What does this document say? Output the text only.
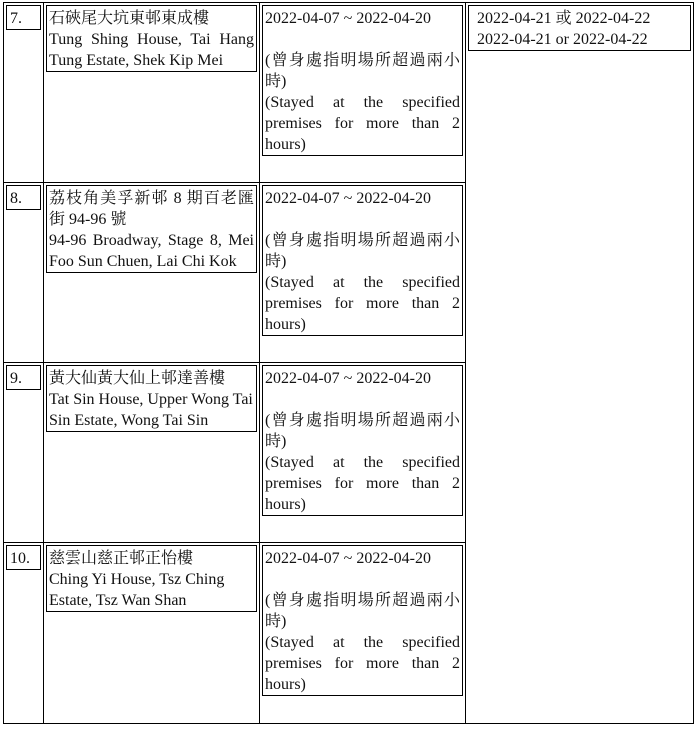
7.	石硤尾大坑東邨東成樓
Tung Shing House, Tai Hang Tung Estate, Shek Kip Mei	2022-04-07 ~ 2022-04-20
(曾身處指明場所超過兩小時)
(Stayed at the specified premises for more than 2 hours)	2022-04-21 或 2022-04-22
2022-04-21 or 2022-04-22

8.	荔枝角美孚新邨 8 期百老匯街 94-96 號
94-96 Broadway, Stage 8, Mei Foo Sun Chuen, Lai Chi Kok	2022-04-07 ~ 2022-04-20
(曾身處指明場所超過兩小時)
(Stayed at the specified premises for more than 2 hours)	

9.	黃大仙黃大仙上邨達善樓
Tat Sin House, Upper Wong Tai Sin Estate, Wong Tai Sin	2022-04-07 ~ 2022-04-20
(曾身處指明場所超過兩小時)
(Stayed at the specified premises for more than 2 hours)	

10.	慈雲山慈正邨正怡樓
Ching Yi House, Tsz Ching Estate, Tsz Wan Shan	2022-04-07 ~ 2022-04-20
(曾身處指明場所超過兩小時)
(Stayed at the specified premises for more than 2 hours)	
